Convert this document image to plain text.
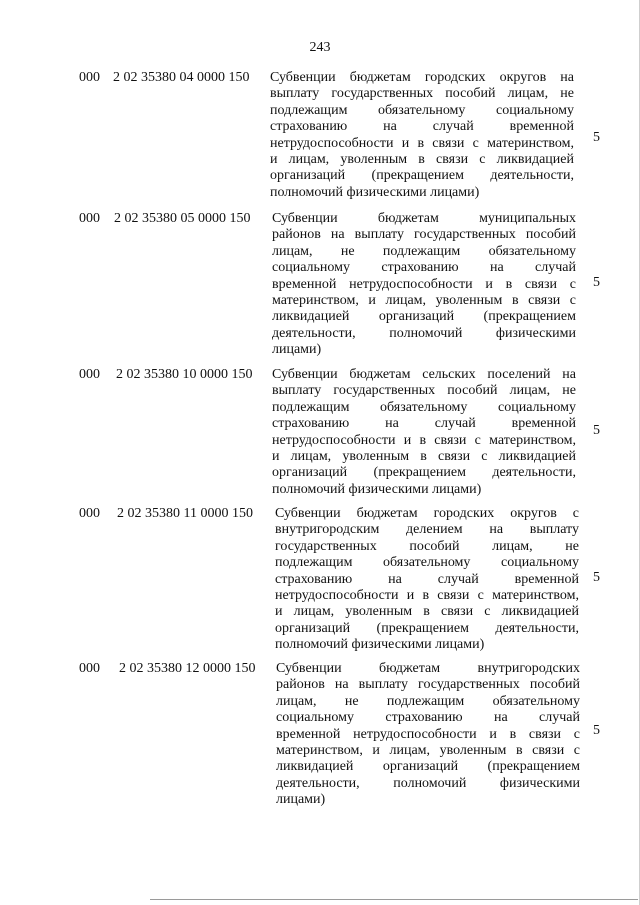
243
000 2 02 35380 04 0000 150 Субвенции бюджетам городских округов на
выплату государственных пособий лицам, не
подлежащим обязательному социальному
страхованию на случай временной
нетрудоспособности и в связи с материнством,
и лицам, уволенным в связи с ликвидацией
организаций (прекращением деятельности,
полномочий физическими лицами)
5
000 2 02 35380 05 0000 150 Субвенции бюджетам муниципальных
районов на выплату государственных пособий
лицам, не подлежащим обязательному
социальному страхованию на случай
временной нетрудоспособности и в связи с
материнством, и лицам, уволенным в связи с
ликвидацией организаций (прекращением
деятельности, полномочий физическими
лицами)
5
000 2 02 35380 10 0000 150 Субвенции бюджетам сельских поселений на
выплату государственных пособий лицам, не
подлежащим обязательному социальному
страхованию на случай временной
нетрудоспособности и в связи с материнством,
и лицам, уволенным в связи с ликвидацией
организаций (прекращением деятельности,
полномочий физическими лицами)
5
000 2 02 35380 11 0000 150 Субвенции бюджетам городских округов с
внутригородским делением на выплату
государственных пособий лицам, не
подлежащим обязательному социальному
страхованию на случай временной
нетрудоспособности и в связи с материнством,
и лицам, уволенным в связи с ликвидацией
организаций (прекращением деятельности,
полномочий физическими лицами)
5
000 2 02 35380 12 0000 150 Субвенции бюджетам внутригородских
районов на выплату государственных пособий
лицам, не подлежащим обязательному
социальному страхованию на случай
временной нетрудоспособности и в связи с
материнством, и лицам, уволенным в связи с
ликвидацией организаций (прекращением
деятельности, полномочий физическими
лицами)
5
